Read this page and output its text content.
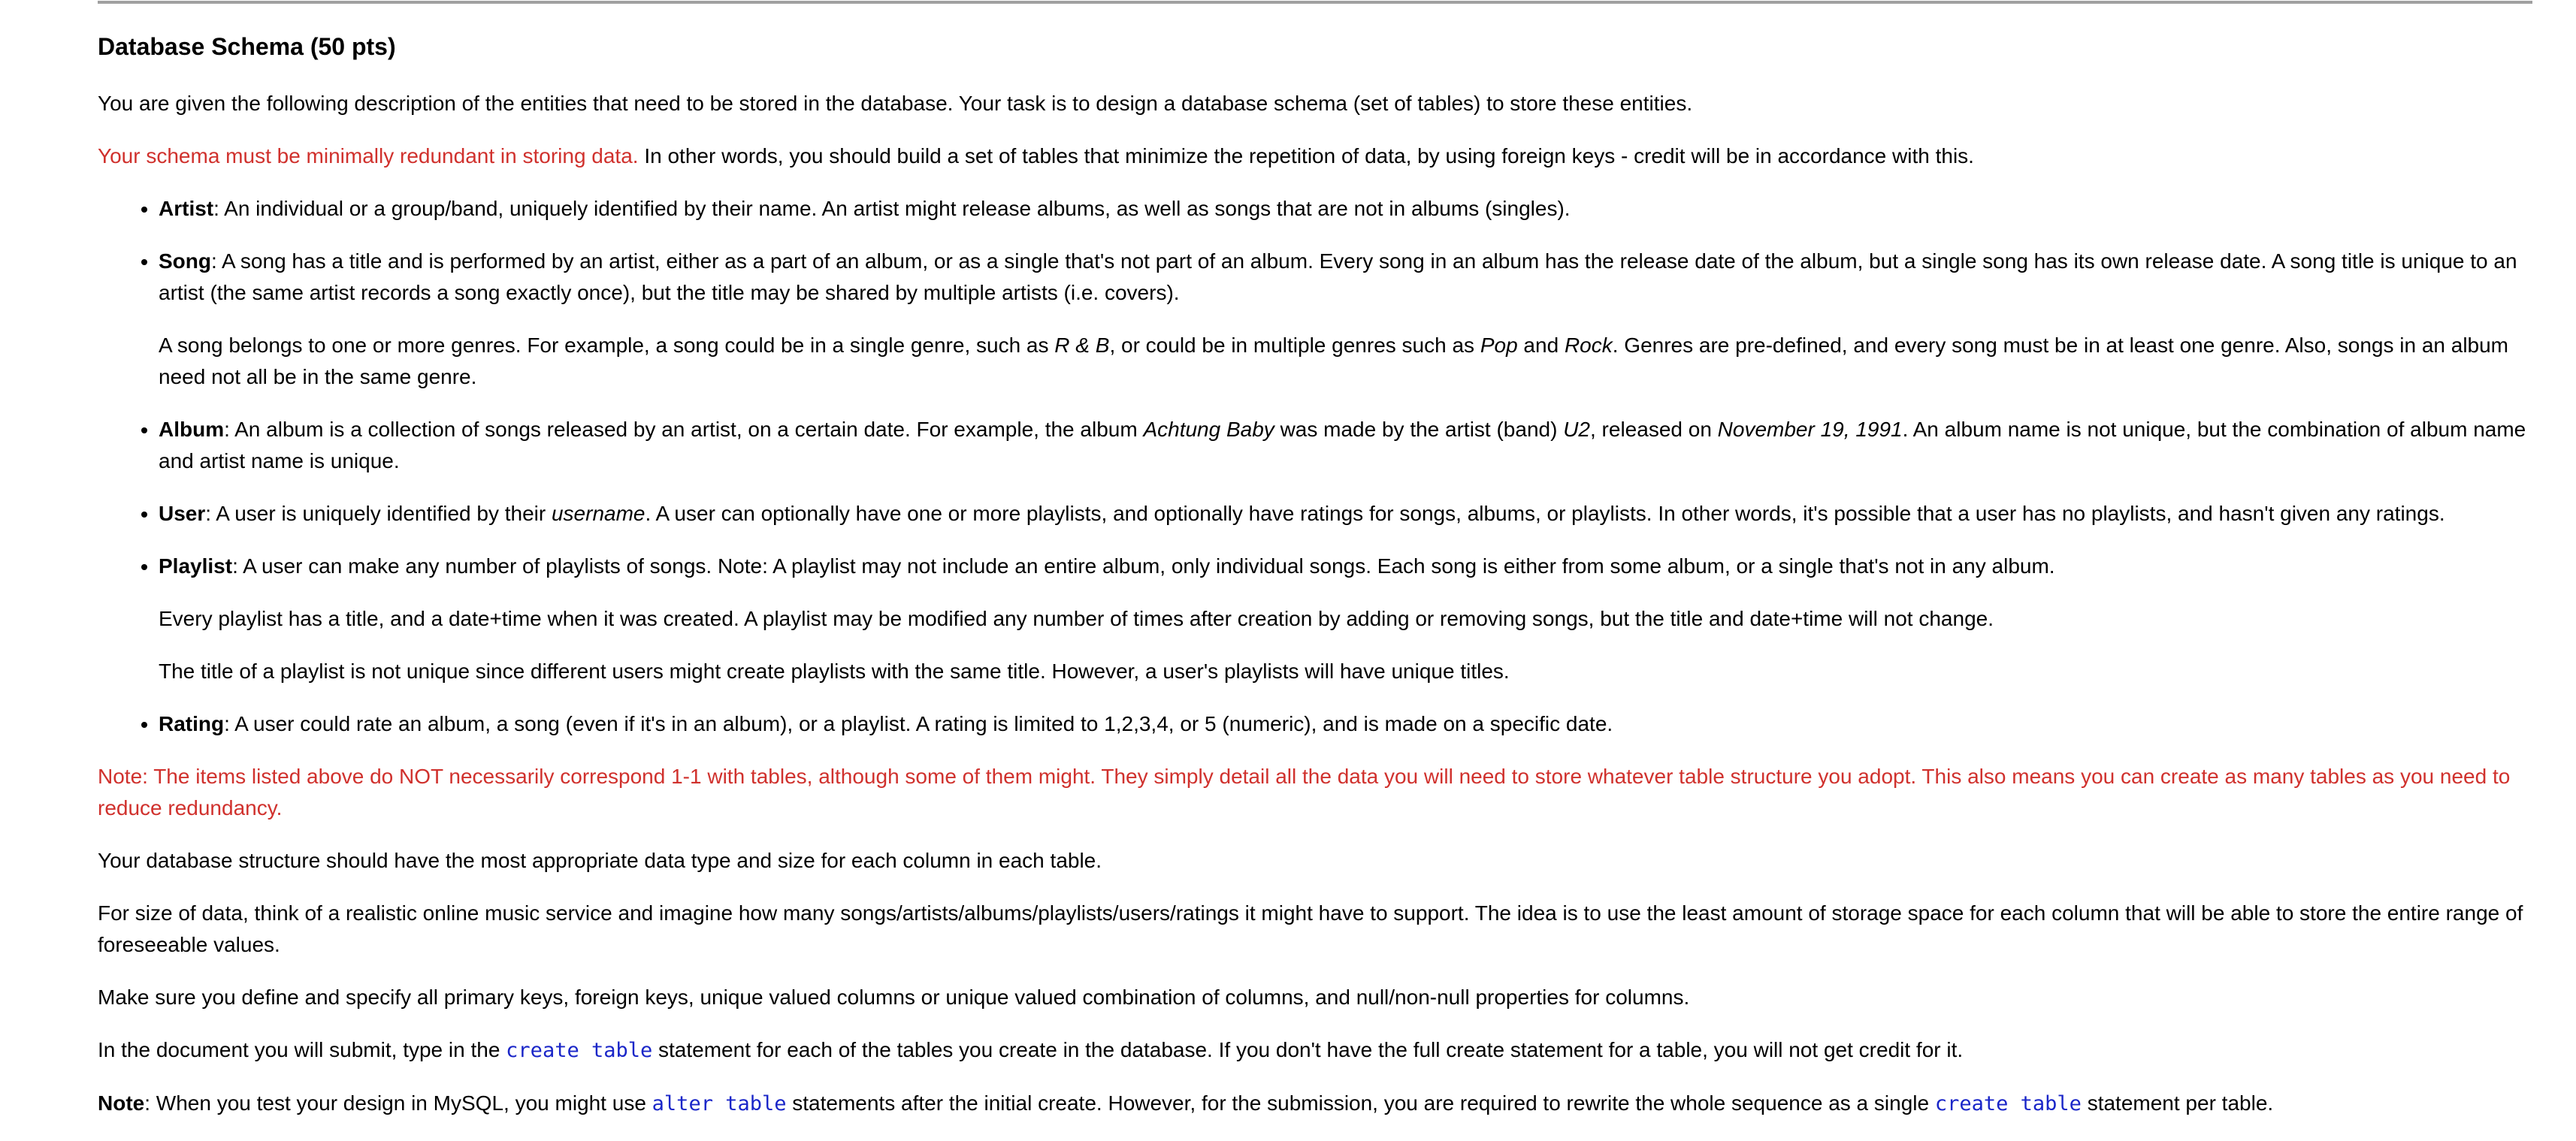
Database Schema (50 pts)

You are given the following description of the entities that need to be stored in the database. Your task is to design a database schema (set of tables) to store these entities.

Your schema must be minimally redundant in storing data. In other words, you should build a set of tables that minimize the repetition of data, by using foreign keys - credit will be in accordance with this.

• Artist: An individual or a group/band, uniquely identified by their name. An artist might release albums, as well as songs that are not in albums (singles).
• Song: A song has a title and is performed by an artist, either as a part of an album, or as a single that's not part of an album. Every song in an album has the release date of the album, but a single song has its own release date. A song title is unique to an artist (the same artist records a song exactly once), but the title may be shared by multiple artists (i.e. covers).

A song belongs to one or more genres. For example, a song could be in a single genre, such as R & B, or could be in multiple genres such as Pop and Rock. Genres are pre-defined, and every song must be in at least one genre. Also, songs in an album need not all be in the same genre.

• Album: An album is a collection of songs released by an artist, on a certain date. For example, the album Achtung Baby was made by the artist (band) U2, released on November 19, 1991. An album name is not unique, but the combination of album name and artist name is unique.
• User: A user is uniquely identified by their username. A user can optionally have one or more playlists, and optionally have ratings for songs, albums, or playlists. In other words, it's possible that a user has no playlists, and hasn't given any ratings.
• Playlist: A user can make any number of playlists of songs. Note: A playlist may not include an entire album, only individual songs. Each song is either from some album, or a single that's not in any album.

Every playlist has a title, and a date+time when it was created. A playlist may be modified any number of times after creation by adding or removing songs, but the title and date+time will not change.

The title of a playlist is not unique since different users might create playlists with the same title. However, a user's playlists will have unique titles.

• Rating: A user could rate an album, a song (even if it's in an album), or a playlist. A rating is limited to 1,2,3,4, or 5 (numeric), and is made on a specific date.

Note: The items listed above do NOT necessarily correspond 1-1 with tables, although some of them might. They simply detail all the data you will need to store whatever table structure you adopt. This also means you can create as many tables as you need to reduce redundancy.

Your database structure should have the most appropriate data type and size for each column in each table.

For size of data, think of a realistic online music service and imagine how many songs/artists/albums/playlists/users/ratings it might have to support. The idea is to use the least amount of storage space for each column that will be able to store the entire range of foreseeable values.

Make sure you define and specify all primary keys, foreign keys, unique valued columns or unique valued combination of columns, and null/non-null properties for columns.

In the document you will submit, type in the create table statement for each of the tables you create in the database. If you don't have the full create statement for a table, you will not get credit for it.

Note: When you test your design in MySQL, you might use alter table statements after the initial create. However, for the submission, you are required to rewrite the whole sequence as a single create table statement per table.
